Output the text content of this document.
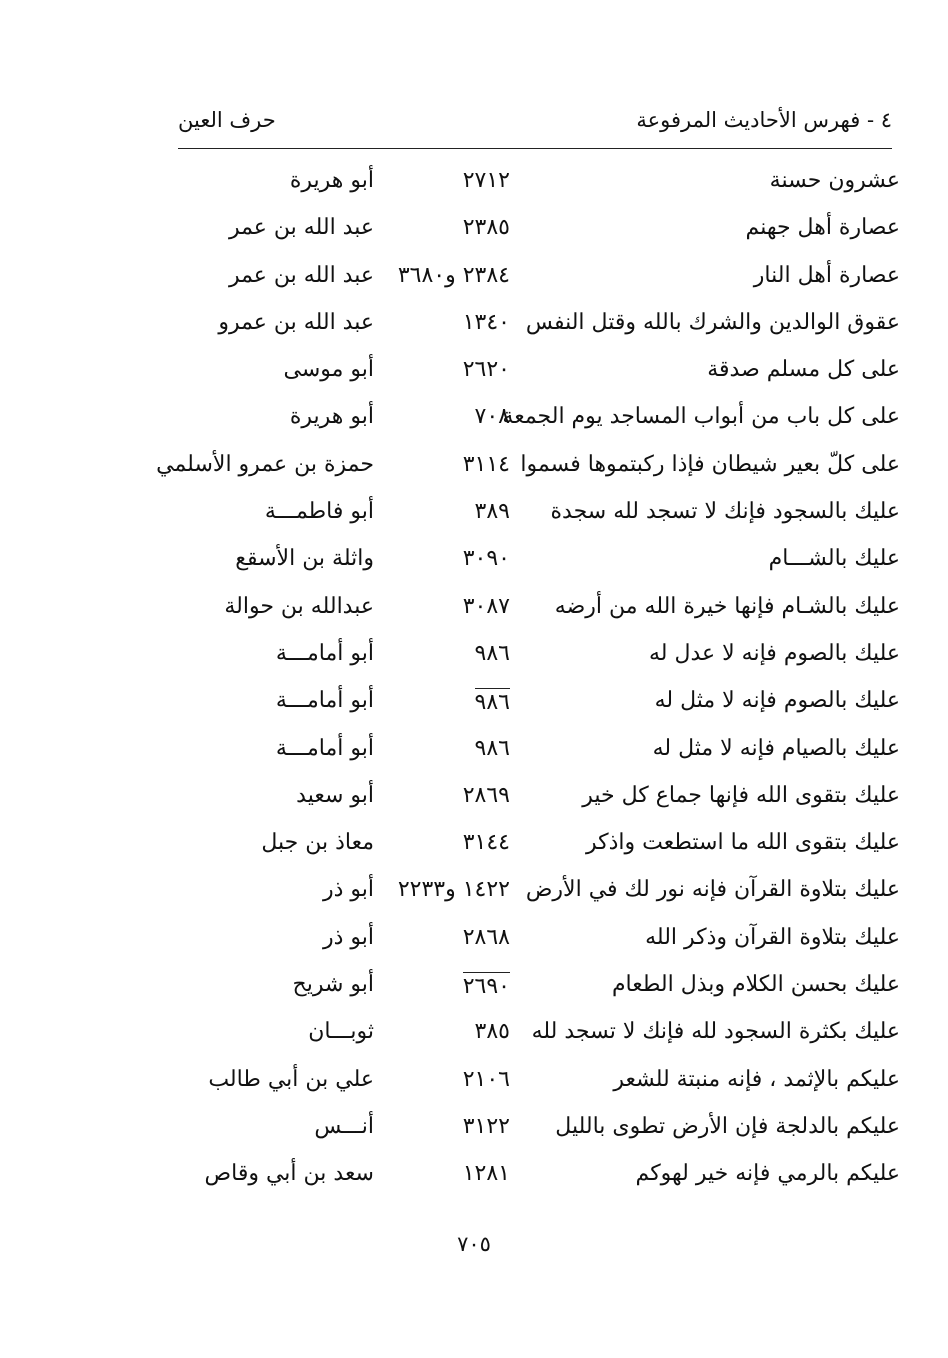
٤ - فهرس الأحاديث المرفوعة
حرف العين
عشرون حسنة
٢٧١٢
أبو هريرة
عصارة أهل جهنم
٢٣٨٥
عبد الله بن عمر
عصارة أهل النار
٢٣٨٤ و٣٦٨٠
عبد الله بن عمر
عقوق الوالدين والشرك بالله وقتل النفس
١٣٤٠
عبد الله بن عمرو
على كل مسلم صدقة
٢٦٢٠
أبو موسى
على كل باب من أبواب المساجد يوم الجمعة
٧٠٨
أبو هريرة
على كلّ بعير شيطان فإذا ركبتموها فسموا
٣١١٤
حمزة بن عمرو الأسلمي
عليك بالسجود فإنك لا تسجد لله سجدة
٣٨٩
أبو فاطمـــة
عليك بالشـــام
٣٠٩٠
واثلة بن الأسقع
عليك بالشـام فإنها خيرة الله من أرضه
٣٠٨٧
عبدالله بن حوالة
عليك بالصوم فإنه لا عدل له
٩٨٦
أبو أمامـــة
عليك بالصوم فإنه لا مثل له
٩٨٦
أبو أمامـــة
عليك بالصيام فإنه لا مثل له
٩٨٦
أبو أمامـــة
عليك بتقوى الله فإنها جماع كل خير
٢٨٦٩
أبو سعيد
عليك بتقوى الله ما استطعت واذكر
٣١٤٤
معاذ بن جبل
عليك بتلاوة القرآن فإنه نور لك في الأرض
١٤٢٢ و٢٢٣٣
أبو ذر
عليك بتلاوة القرآن وذكر الله
٢٨٦٨
أبو ذر
عليك بحسن الكلام وبذل الطعام
٢٦٩٠
أبو شريح
عليك بكثرة السجود لله فإنك لا تسجد لله
٣٨٥
ثوبـــان
عليكم بالإثمد ، فإنه منبتة للشعر
٢١٠٦
علي بن أبي طالب
عليكم بالدلجة فإن الأرض تطوى بالليل
٣١٢٢
أنـــس
عليكم بالرمي فإنه خير لهوكم
١٢٨١
سعد بن أبي وقاص
٧٠٥
